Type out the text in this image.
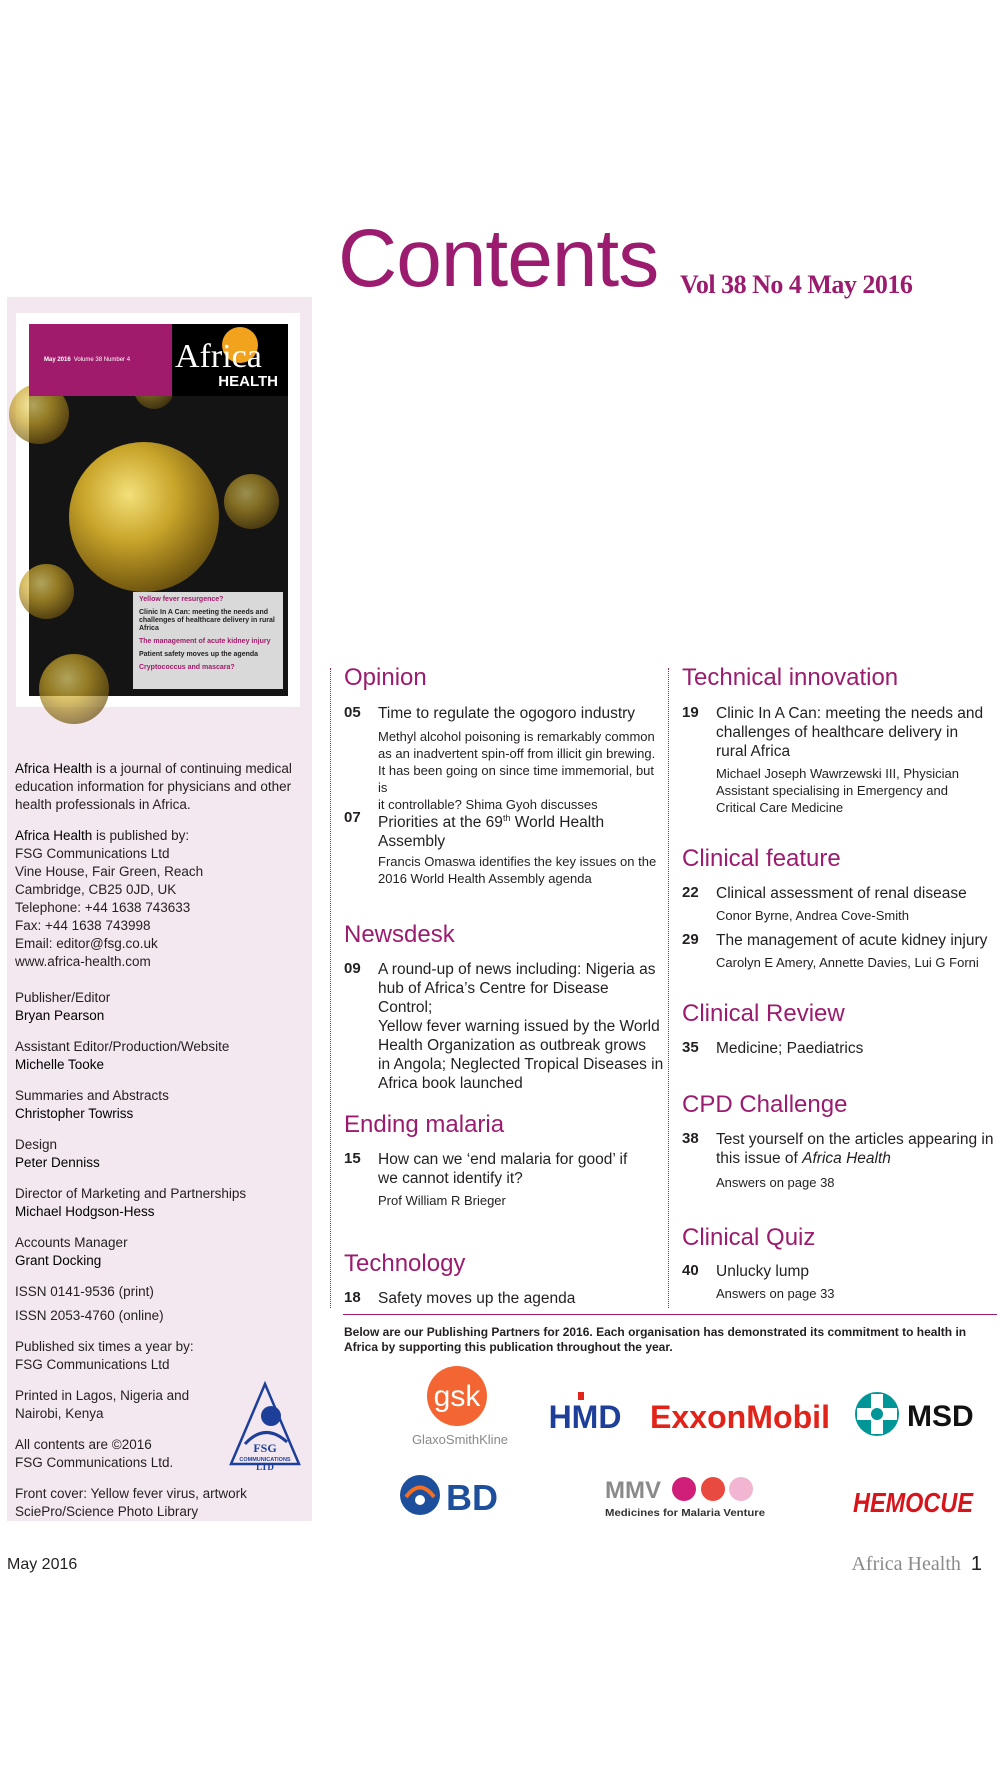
Contents Vol 38 No 4 May 2016
May 2016 Volume 38 Number 4 Africa
HEALTH
Yellow fever resurgence?
Clinic In A Can: meeting the needs and challenges of healthcare delivery in rural Africa
The management of acute kidney injury
Patient safety moves up the agenda
Cryptococcus and mascara?
Africa Health is a journal of continuing medical education information for physicians and other health professionals in Africa.
Africa Health is published by:
FSG Communications Ltd
Vine House, Fair Green, Reach
Cambridge, CB25 0JD, UK
Telephone: +44 1638 743633
Fax: +44 1638 743998
Email: editor@fsg.co.uk
www.africa-health.com
Publisher/Editor
Bryan Pearson
Assistant Editor/Production/Website
Michelle Tooke
Summaries and Abstracts
Christopher Towriss
Design
Peter Denniss
Director of Marketing and Partnerships
Michael Hodgson-Hess
Accounts Manager
Grant Docking
ISSN 0141-9536 (print)
ISSN 2053-4760 (online)
Published six times a year by:
FSG Communications Ltd
Printed in Lagos, Nigeria and
Nairobi, Kenya
All contents are ©2016
FSG Communications Ltd.
Front cover: Yellow fever virus, artwork
SciePro/Science Photo Library
FSG
COMMUNICATIONS
LTD
Opinion
05 Time to regulate the ogogoro industry
Methyl alcohol poisoning is remarkably common
as an inadvertent spin-off from illicit gin brewing.
It has been going on since time immemorial, but is
it controllable? Shima Gyoh discusses
07 Priorities at the 69th World Health
Assembly
Francis Omaswa identifies the key issues on the
2016 World Health Assembly agenda
Newsdesk
09 A round-up of news including: Nigeria as
hub of Africa’s Centre for Disease Control;
Yellow fever warning issued by the World
Health Organization as outbreak grows
in Angola; Neglected Tropical Diseases in
Africa book launched
Ending malaria
15 How can we ‘end malaria for good’ if
we cannot identify it?
Prof William R Brieger
Technology
18 Safety moves up the agenda
Technical innovation
19 Clinic In A Can: meeting the needs and
challenges of healthcare delivery in
rural Africa
Michael Joseph Wawrzewski III, Physician
Assistant specialising in Emergency and
Critical Care Medicine
Clinical feature
22 Clinical assessment of renal disease
Conor Byrne, Andrea Cove-Smith
29 The management of acute kidney injury
Carolyn E Amery, Annette Davies, Lui G Forni
Clinical Review
35 Medicine; Paediatrics
CPD Challenge
38 Test yourself on the articles appearing in
this issue of Africa Health
Answers on page 38
Clinical Quiz
40 Unlucky lump
Answers on page 33
Below are our Publishing Partners for 2016. Each organisation has demonstrated its commitment to health in Africa by supporting this publication throughout the year.
gsk
GlaxoSmithKline
HMD ExxonMobil	MSD
BD	MMV
Medicines for Malaria Venture	HEMOCUE
May 2016	Africa Health 1
